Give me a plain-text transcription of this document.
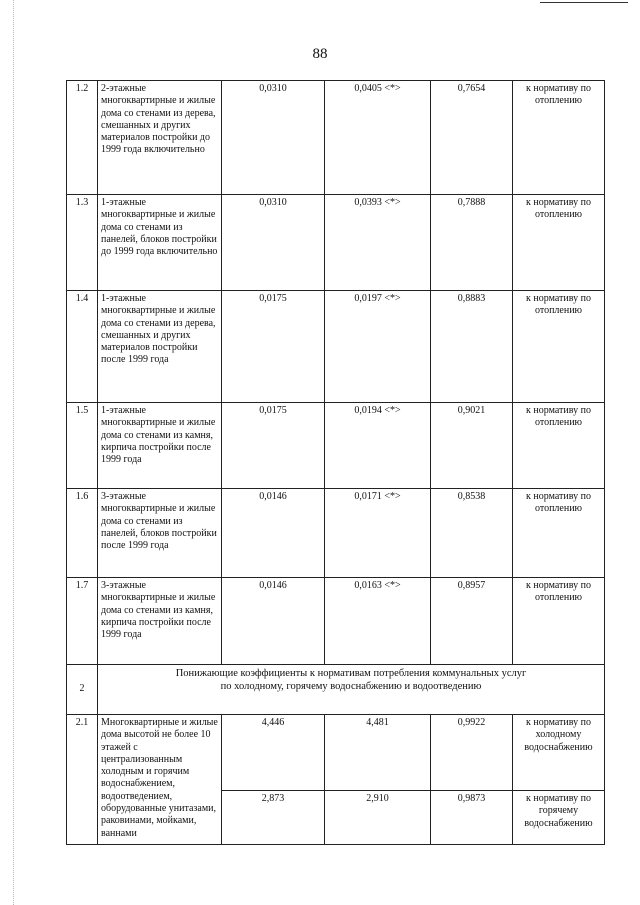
88
1.2	2-этажные многоквартирные и жилые дома со стенами из дерева, смешанных и других материалов постройки до 1999 года включительно	0,0310	0,0405 <*>	0,7654	к нормативу по отоплению
1.3	1-этажные многоквартирные и жилые дома со стенами из панелей, блоков постройки до 1999 года включительно	0,0310	0,0393 <*>	0,7888	к нормативу по отоплению
1.4	1-этажные многоквартирные и жилые дома со стенами из дерева, смешанных и других материалов постройки после 1999 года	0,0175	0,0197 <*>	0,8883	к нормативу по отоплению
1.5	1-этажные многоквартирные и жилые дома со стенами из камня, кирпича постройки после 1999 года	0,0175	0,0194 <*>	0,9021	к нормативу по отоплению
1.6	3-этажные многоквартирные и жилые дома со стенами из панелей, блоков постройки после 1999 года	0,0146	0,0171 <*>	0,8538	к нормативу по отоплению
1.7	3-этажные многоквартирные и жилые дома со стенами из камня, кирпича постройки после 1999 года	0,0146	0,0163 <*>	0,8957	к нормативу по отоплению
2	Понижающие коэффициенты к нормативам потребления коммунальных услуг
по холодному, горячему водоснабжению и водоотведению				

2.1	Многоквартирные и жилые дома высотой не более 10 этажей с централизованным холодным и горячим водоснабжением, водоотведением, оборудованные унитазами, раковинами, мойками, ваннами	4,446	4,481	0,9922	к нормативу по холодному водоснабжению
		2,873	2,910	0,9873	к нормативу по горячему водоснабжению
